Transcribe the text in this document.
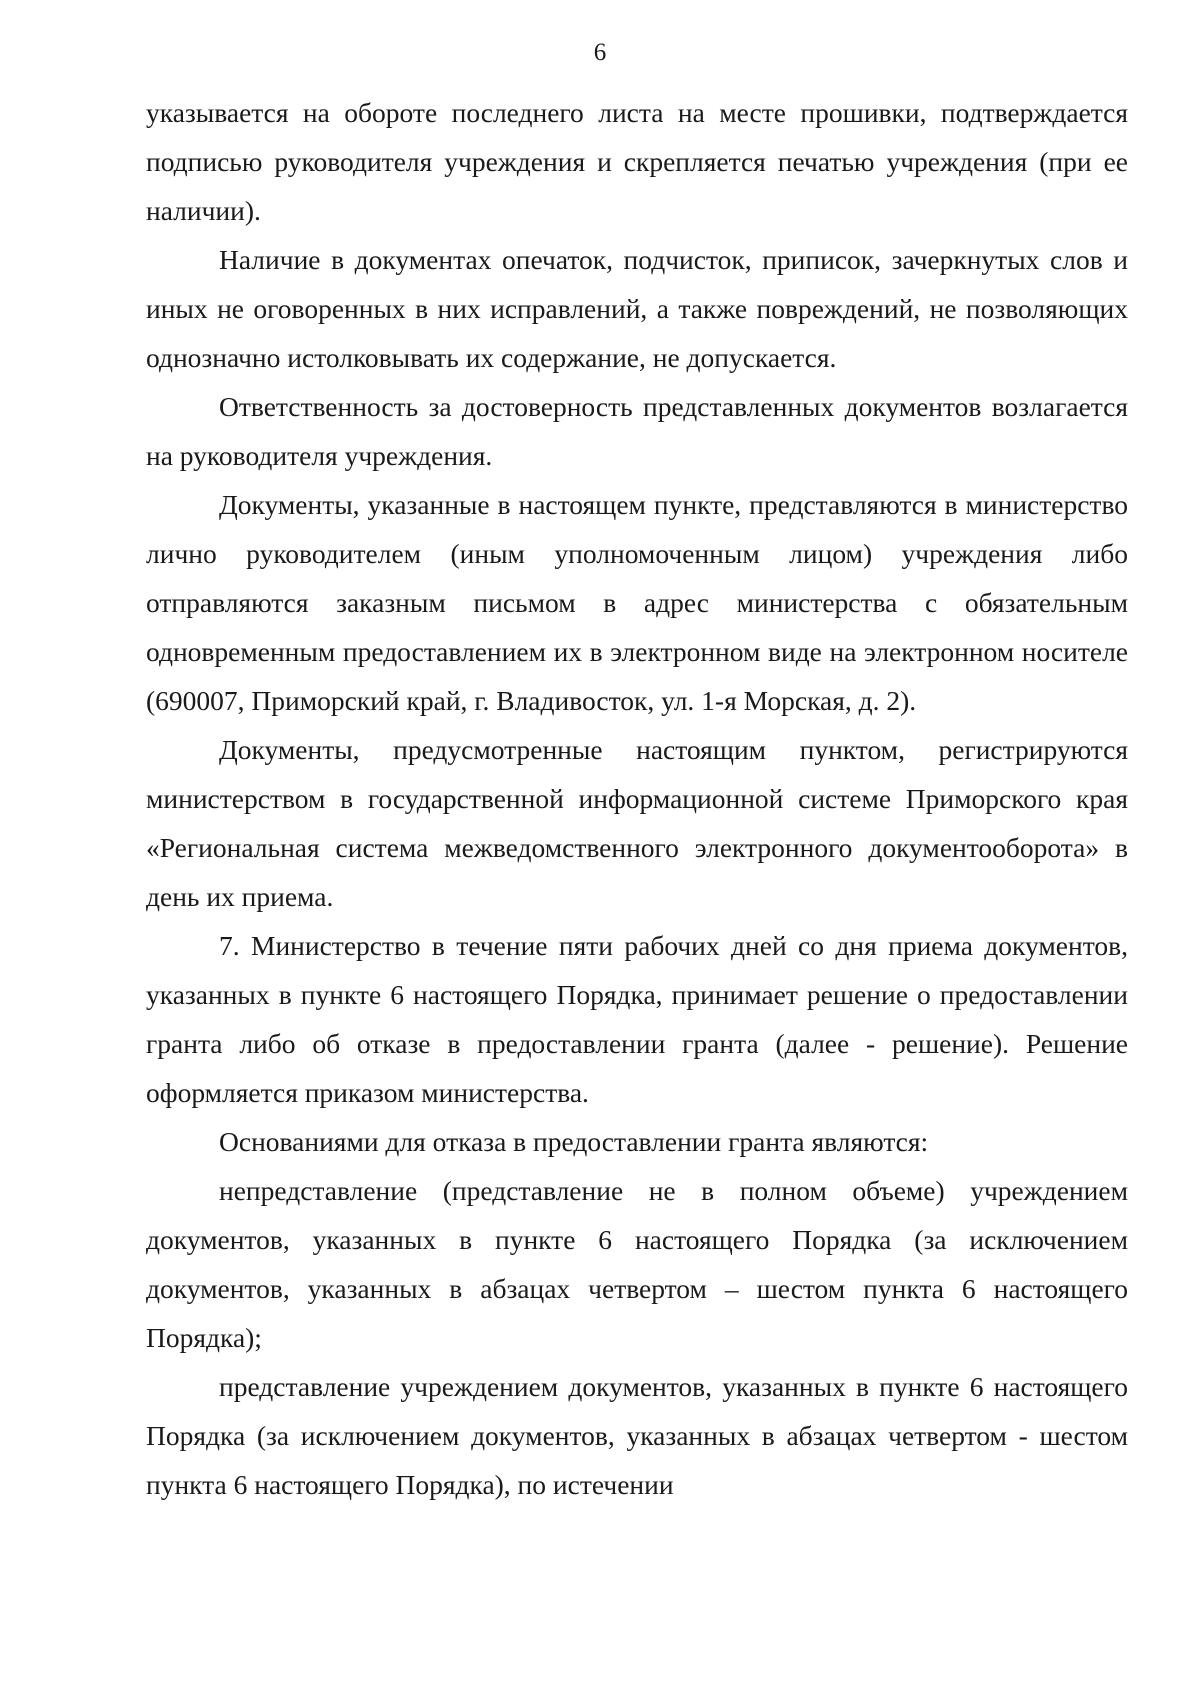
6

указывается на обороте последнего листа на месте прошивки, подтверждается подписью руководителя учреждения и скрепляется печатью учреждения (при ее наличии).

Наличие в документах опечаток, подчисток, приписок, зачеркнутых слов и иных не оговоренных в них исправлений, а также повреждений, не позволяющих однозначно истолковывать их содержание, не допускается.

Ответственность за достоверность представленных документов возлагается на руководителя учреждения.

Документы, указанные в настоящем пункте, представляются в министерство лично руководителем (иным уполномоченным лицом) учреждения либо отправляются заказным письмом в адрес министерства с обязательным одновременным предоставлением их в электронном виде на электронном носителе (690007, Приморский край, г. Владивосток, ул. 1-я Морская, д. 2).

Документы, предусмотренные настоящим пунктом, регистрируются министерством в государственной информационной системе Приморского края «Региональная система межведомственного электронного документооборота» в день их приема.

7. Министерство в течение пяти рабочих дней со дня приема документов, указанных в пункте 6 настоящего Порядка, принимает решение о предоставлении гранта либо об отказе в предоставлении гранта (далее - решение). Решение оформляется приказом министерства.

Основаниями для отказа в предоставлении гранта являются:

непредставление (представление не в полном объеме) учреждением документов, указанных в пункте 6 настоящего Порядка (за исключением документов, указанных в абзацах четвертом – шестом пункта 6 настоящего Порядка);

представление учреждением документов, указанных в пункте 6 настоящего Порядка (за исключением документов, указанных в абзацах четвертом - шестом пункта 6 настоящего Порядка), по истечении
